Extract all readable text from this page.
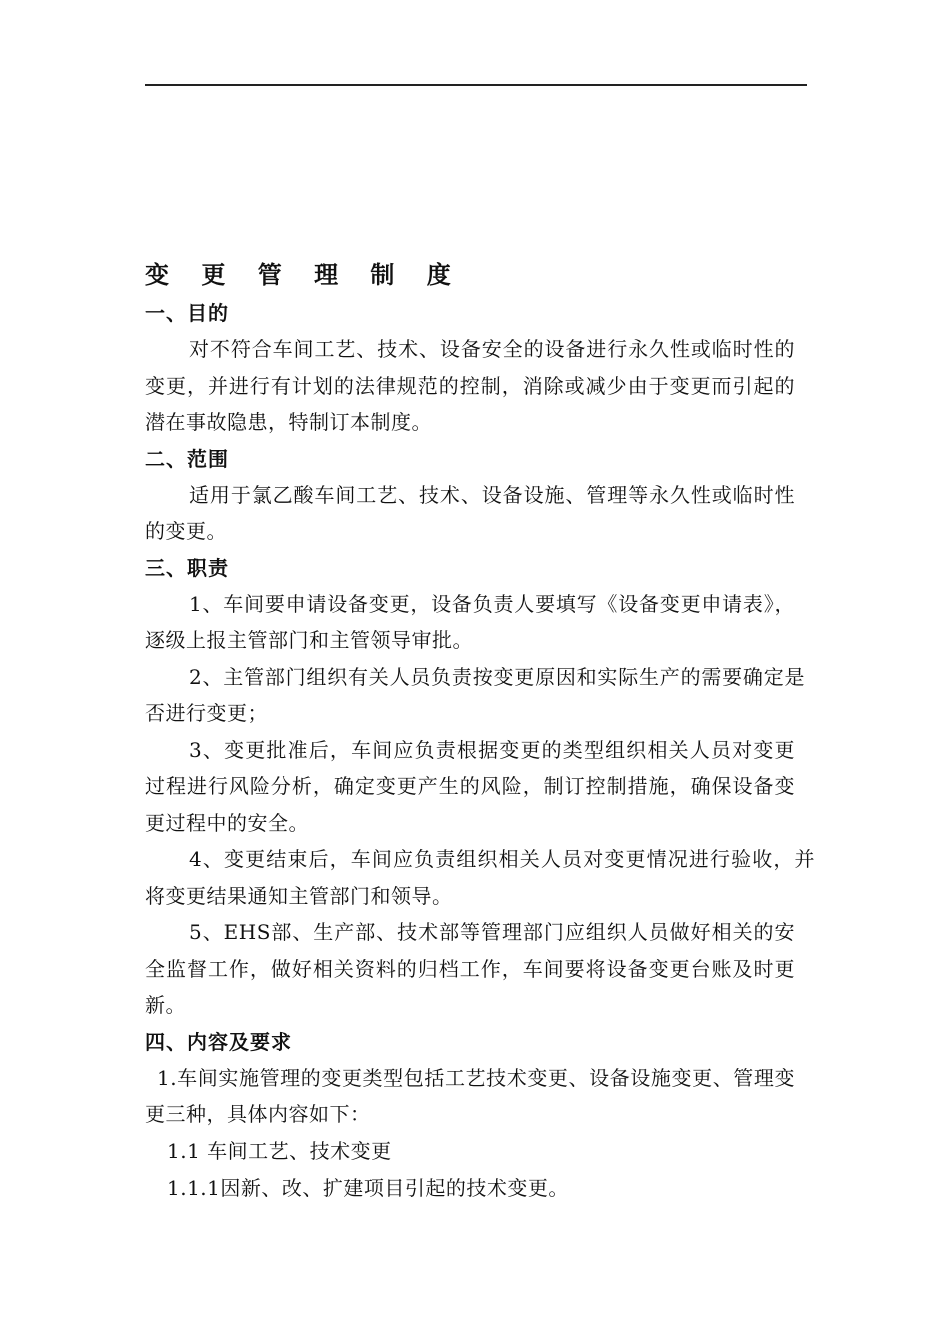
变 更 管 理 制 度

一、目的

对不符合车间工艺、技术、设备安全的设备进行永久性或临时性的变更，并进行有计划的法律规范的控制，消除或减少由于变更而引起的潜在事故隐患，特制订本制度。

二、范围

适用于氯乙酸车间工艺、技术、设备设施、管理等永久性或临时性的变更。

三、职责

1、车间要申请设备变更，设备负责人要填写《设备变更申请表》，逐级上报主管部门和主管领导审批。

2、主管部门组织有关人员负责按变更原因和实际生产的需要确定是否进行变更；

3、变更批准后，车间应负责根据变更的类型组织相关人员对变更过程进行风险分析，确定变更产生的风险，制订控制措施，确保设备变更过程中的安全。

4、变更结束后，车间应负责组织相关人员对变更情况进行验收，并将变更结果通知主管部门和领导。

5、EHS部、生产部、技术部等管理部门应组织人员做好相关的安全监督工作，做好相关资料的归档工作，车间要将设备变更台账及时更新。

四、内容及要求

1.车间实施管理的变更类型包括工艺技术变更、设备设施变更、管理变更三种，具体内容如下：

1.1 车间工艺、技术变更

1.1.1因新、改、扩建项目引起的技术变更。
